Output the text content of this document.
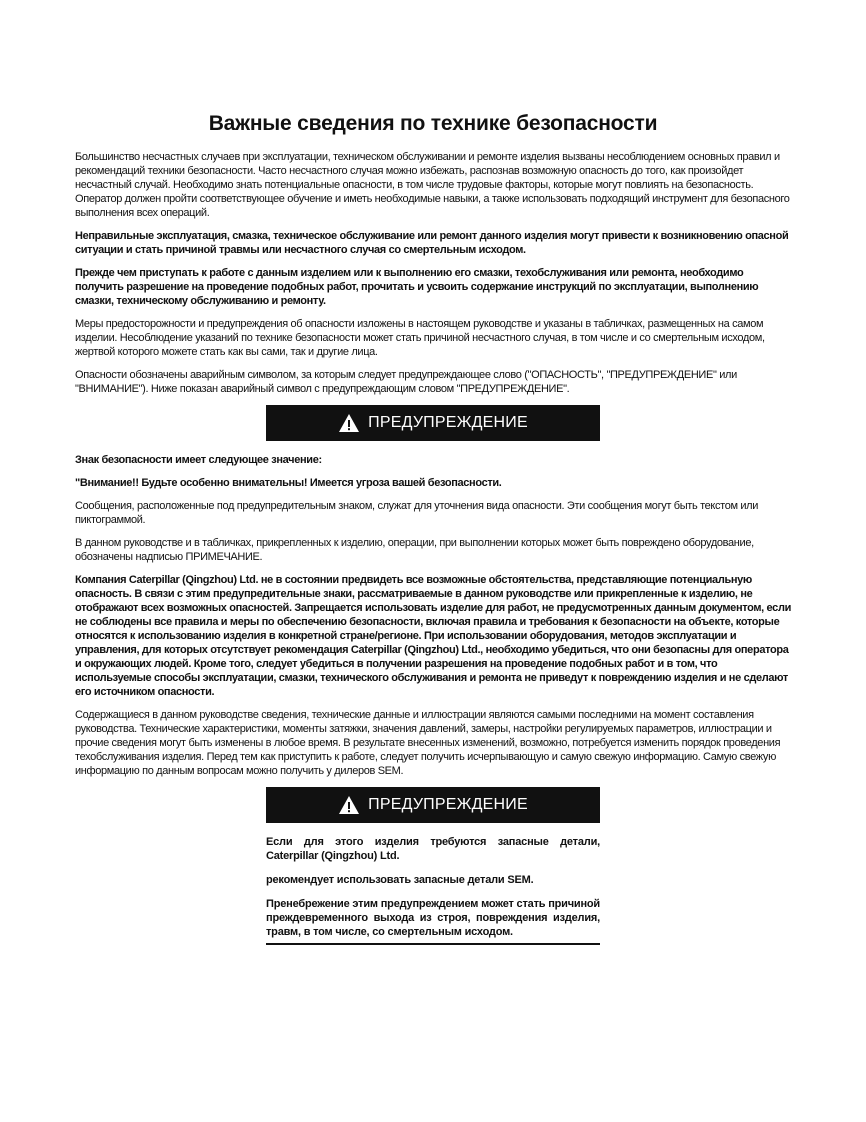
Важные сведения по технике безопасности

Большинство несчастных случаев при эксплуатации, техническом обслуживании и ремонте изделия вызваны несоблюдением основных правил и рекомендаций техники безопасности. Часто несчастного случая можно избежать, распознав возможную опасность до того, как произойдет несчастный случай. Необходимо знать потенциальные опасности, в том числе трудовые факторы, которые могут повлиять на безопасность. Оператор должен пройти соответствующее обучение и иметь необходимые навыки, а также использовать подходящий инструмент для безопасного выполнения всех операций.

Неправильные эксплуатация, смазка, техническое обслуживание или ремонт данного изделия могут привести к возникновению опасной ситуации и стать причиной травмы или несчастного случая со смертельным исходом.

Прежде чем приступать к работе с данным изделием или к выполнению его смазки, техобслуживания или ремонта, необходимо получить разрешение на проведение подобных работ, прочитать и усвоить содержание инструкций по эксплуатации, выполнению смазки, техническому обслуживанию и ремонту.

Меры предосторожности и предупреждения об опасности изложены в настоящем руководстве и указаны в табличках, размещенных на самом изделии. Несоблюдение указаний по технике безопасности может стать причиной несчастного случая, в том числе и со смертельным исходом, жертвой которого можете стать как вы сами, так и другие лица.

Опасности обозначены аварийным символом, за которым следует предупреждающее слово ("ОПАСНОСТЬ", "ПРЕДУПРЕЖДЕНИЕ" или "ВНИМАНИЕ"). Ниже показан аварийный символ с предупреждающим словом "ПРЕДУПРЕЖДЕНИЕ".

ПРЕДУПРЕЖДЕНИЕ

Знак безопасности имеет следующее значение:

"Внимание!! Будьте особенно внимательны! Имеется угроза вашей безопасности.

Сообщения, расположенные под предупредительным знаком, служат для уточнения вида опасности. Эти сообщения могут быть текстом или пиктограммой.

В данном руководстве и в табличках, прикрепленных к изделию, операции, при выполнении которых может быть повреждено оборудование, обозначены надписью ПРИМЕЧАНИЕ.

Компания Caterpillar (Qingzhou) Ltd. не в состоянии предвидеть все возможные обстоятельства, представляющие потенциальную опасность. В связи с этим предупредительные знаки, рассматриваемые в данном руководстве или прикрепленные к изделию, не отображают всех возможных опасностей. Запрещается использовать изделие для работ, не предусмотренных данным документом, если не соблюдены все правила и меры по обеспечению безопасности, включая правила и требования к безопасности на объекте, которые относятся к использованию изделия в конкретной стране/регионе. При использовании оборудования, методов эксплуатации и управления, для которых отсутствует рекомендация Caterpillar (Qingzhou) Ltd., необходимо убедиться, что они безопасны для оператора и окружающих людей. Кроме того, следует убедиться в получении разрешения на проведение подобных работ и в том, что используемые способы эксплуатации, смазки, технического обслуживания и ремонта не приведут к повреждению изделия и не сделают его источником опасности.

Содержащиеся в данном руководстве сведения, технические данные и иллюстрации являются самыми последними на момент составления руководства. Технические характеристики, моменты затяжки, значения давлений, замеры, настройки регулируемых параметров, иллюстрации и прочие сведения могут быть изменены в любое время. В результате внесенных изменений, возможно, потребуется изменить порядок проведения техобслуживания изделия. Перед тем как приступить к работе, следует получить исчерпывающую и самую свежую информацию. Самую свежую информацию по данным вопросам можно получить у дилеров SEM.

ПРЕДУПРЕЖДЕНИЕ

Если для этого изделия требуются запасные детали, Caterpillar (Qingzhou) Ltd.

рекомендует использовать запасные детали SEM.

Пренебрежение этим предупреждением может стать причиной преждевременного выхода из строя, повреждения изделия, травм, в том числе, со смертельным исходом.
